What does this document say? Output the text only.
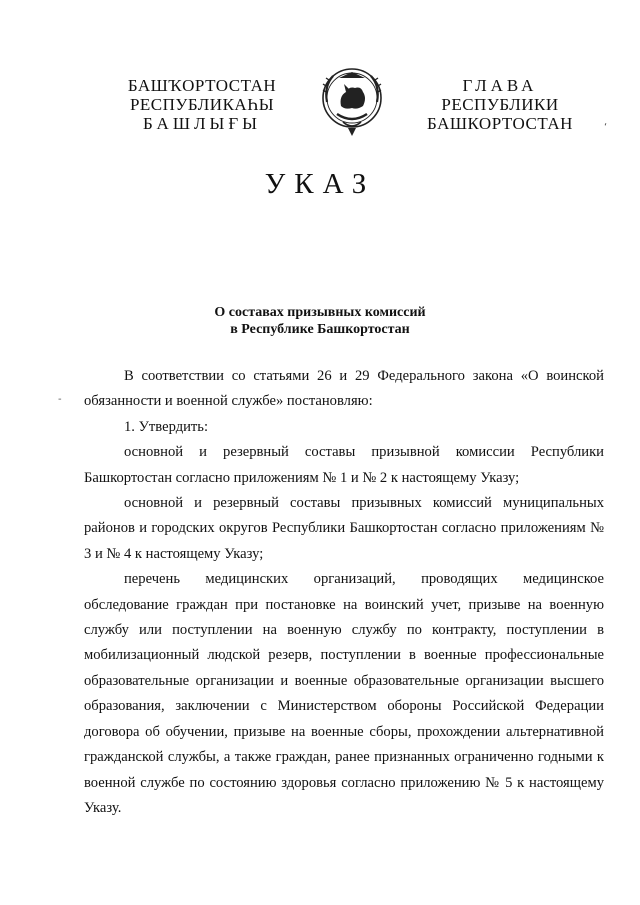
БАШҠОРТОСТАН
РЕСПУБЛИКАҺЫ
БАШЛЫҒЫ
ГЛАВА
РЕСПУБЛИКИ
БАШКОРТОСТАН	‘
УКАЗ
О составах призывных комиссий
в Республике Башкортостан
-

В соответствии со статьями 26 и 29 Федерального закона «О воинской обязанности и военной службе» постановляю:

1. Утвердить:

основной и резервный составы призывной комиссии Республики Башкортостан согласно приложениям № 1 и № 2 к настоящему Указу;

основной и резервный составы призывных комиссий муниципальных районов и городских округов Республики Башкортостан согласно приложениям № 3 и № 4 к настоящему Указу;

перечень медицинских организаций, проводящих медицинское обследование граждан при постановке на воинский учет, призыве на военную службу или поступлении на военную службу по контракту, поступлении в мобилизационный людской резерв, поступлении в военные профессиональные образовательные организации и военные образовательные организации высшего образования, заключении с Министерством обороны Российской Федерации договора об обучении, призыве на военные сборы, прохождении альтернативной гражданской службы, а также граждан, ранее признанных ограниченно годными к военной службе по состоянию здоровья согласно приложению № 5 к настоящему Указу.
